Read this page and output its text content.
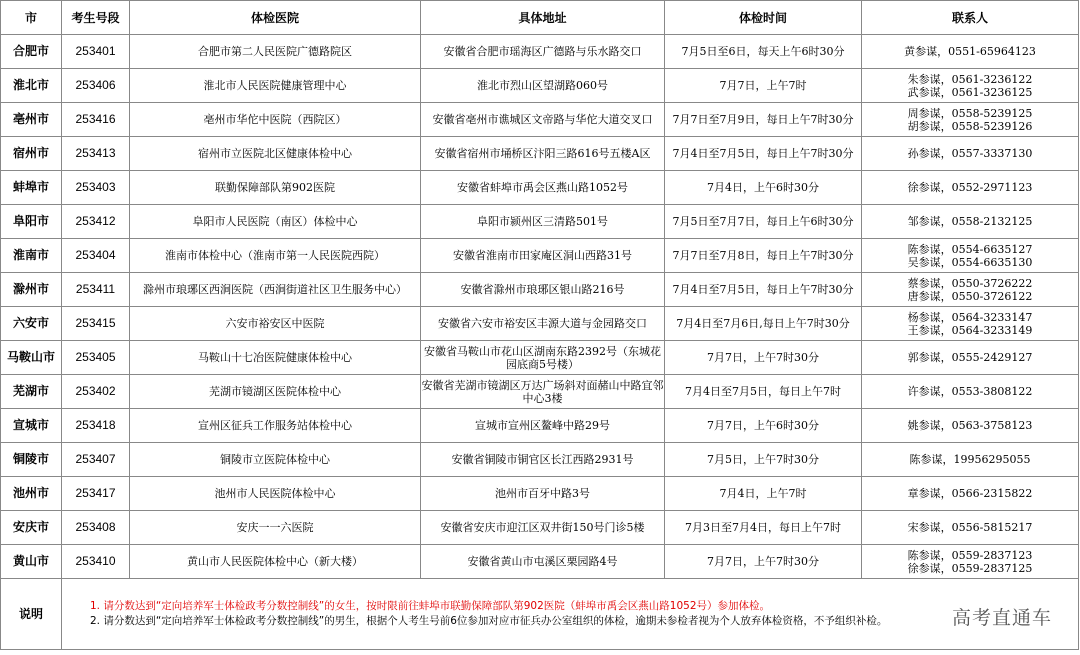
市	考生号段	体检医院	具体地址	体检时间	联系人
合肥市	253401	合肥市第二人民医院广德路院区	安徽省合肥市瑶海区广德路与乐水路交口	7月5日至6日，每天上午6时30分	黄参谋，0551-65964123

淮北市	253406	淮北市人民医院健康管理中心	淮北市烈山区望湖路060号	7月7日，上午7时	朱参谋，0561-3236122
武参谋，0561-3236125

亳州市	253416	亳州市华佗中医院（西院区）	安徽省亳州市谯城区文帝路与华佗大道交叉口	7月7日至7月9日，每日上午7时30分	周参谋，0558-5239125
胡参谋，0558-5239126

宿州市	253413	宿州市立医院北区健康体检中心	安徽省宿州市埇桥区汴阳三路616号五楼A区	7月4日至7月5日，每日上午7时30分	孙参谋，0557-3337130

蚌埠市	253403	联勤保障部队第902医院	安徽省蚌埠市禹会区燕山路1052号	7月4日，上午6时30分	徐参谋，0552-2971123

阜阳市	253412	阜阳市人民医院（南区）体检中心	阜阳市颍州区三清路501号	7月5日至7月7日，每日上午6时30分	邹参谋，0558-2132125

淮南市	253404	淮南市体检中心（淮南市第一人民医院西院）	安徽省淮南市田家庵区洞山西路31号	7月7日至7月8日，每日上午7时30分	陈参谋，0554-6635127
吴参谋，0554-6635130

滁州市	253411	滁州市琅琊区西涧医院（西涧街道社区卫生服务中心）	安徽省滁州市琅琊区银山路216号	7月4日至7月5日，每日上午7时30分	蔡参谋，0550-3726222
唐参谋，0550-3726122

六安市	253415	六安市裕安区中医院	安徽省六安市裕安区丰源大道与金园路交口	7月4日至7月6日,每日上午7时30分	杨参谋，0564-3233147
王参谋，0564-3233149

马鞍山市	253405	马鞍山十七冶医院健康体检中心	安徽省马鞍山市花山区湖南东路2392号（东城花园底商5号楼）	7月7日，上午7时30分	郭参谋，0555-2429127

芜湖市	253402	芜湖市镜湖区医院体检中心	安徽省芜湖市镜湖区万达广场斜对面赭山中路宜邻中心3楼	7月4日至7月5日，每日上午7时	许参谋，0553-3808122

宣城市	253418	宣州区征兵工作服务站体检中心	宣城市宣州区鳌峰中路29号	7月7日，上午6时30分	姚参谋，0563-3758123

铜陵市	253407	铜陵市立医院体检中心	安徽省铜陵市铜官区长江西路2931号	7月5日，上午7时30分	陈参谋，19956295055

池州市	253417	池州市人民医院体检中心	池州市百牙中路3号	7月4日，上午7时	章参谋，0566-2315822

安庆市	253408	安庆一一六医院	安徽省安庆市迎江区双井街150号门诊5楼	7月3日至7月4日，每日上午7时	宋参谋，0556-5815217

黄山市	253410	黄山市人民医院体检中心（新大楼）	安徽省黄山市屯溪区栗园路4号	7月7日，上午7时30分	陈参谋，0559-2837123
徐参谋，0559-2837125

说明	1. 请分数达到“定向培养军士体检政考分数控制线”的女生，按时限前往蚌埠市联勤保障部队第902医院（蚌埠市禹会区燕山路1052号）参加体检。
2. 请分数达到“定向培养军士体检政考分数控制线”的男生，根据个人考生号前6位参加对应市征兵办公室组织的体检，逾期未参检者视为个人放弃体检资格，不予组织补检。					高考直通车
